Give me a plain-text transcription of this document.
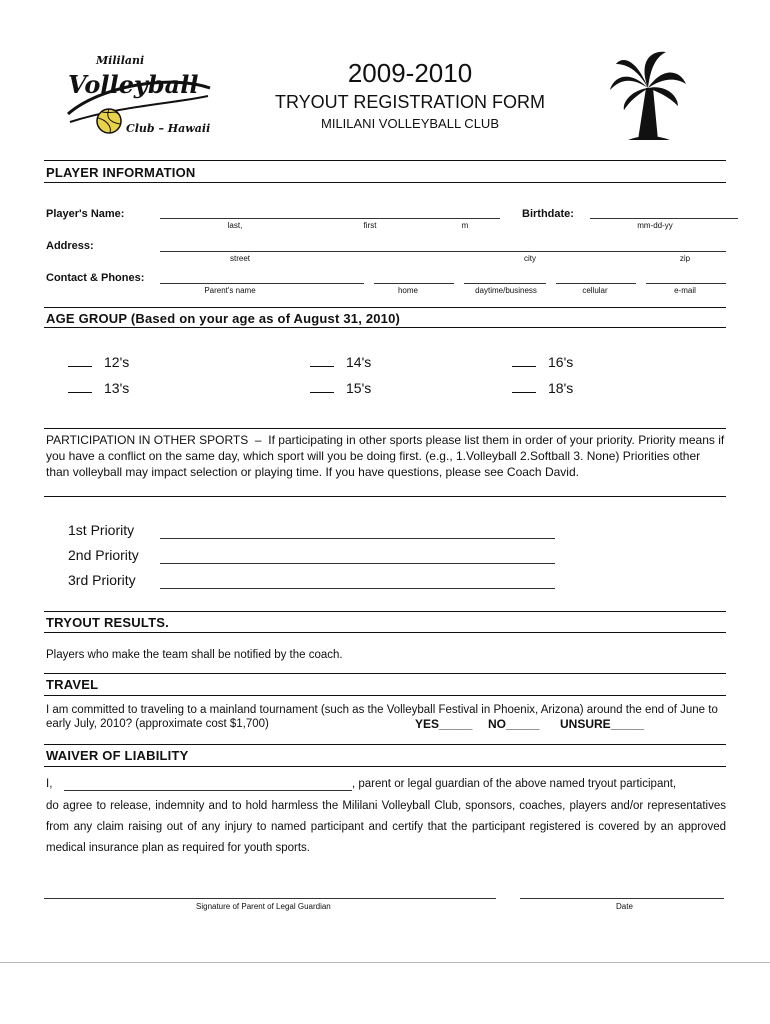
Mililani
Volleyball
Club – Hawaii
2009-2010
TRYOUT REGISTRATION FORM
MILILANI VOLLEYBALL CLUB
PLAYER INFORMATION
Player's Name:
last,	first	m
Birthdate:
mm-dd-yy
Address:
street	city	zip
Contact & Phones:
Parent's name	home	daytime/business	cellular	e-mail
AGE GROUP (Based on your age as of August 31, 2010)
12's	14's	16's
13's	15's	18's
PARTICIPATION IN OTHER SPORTS  –  If participating in other sports please list them in order of your priority. Priority means if you have a conflict on the same day, which sport will you be doing first. (e.g., 1.Volleyball 2.Softball 3. None) Priorities other than volleyball may impact selection or playing time. If you have questions, please see Coach David.
1st Priority
2nd Priority
3rd Priority
TRYOUT RESULTS.
Players who make the team shall be notified by the coach.
TRAVEL
I am committed to traveling to a mainland tournament (such as the Volleyball Festival in Phoenix, Arizona) around the end of June to early July, 2010? (approximate cost $1,700)	YES_____ NO_____ UNSURE_____
WAIVER OF LIABILITY
I,	, parent or legal guardian of the above named tryout participant,
do agree to release, indemnity and to hold harmless the Mililani Volleyball Club, sponsors, coaches, players and/or representatives from any claim raising out of any injury to named participant and certify that the participant registered is covered by an approved medical insurance plan as required for youth sports.
Signature of Parent of Legal Guardian	Date
